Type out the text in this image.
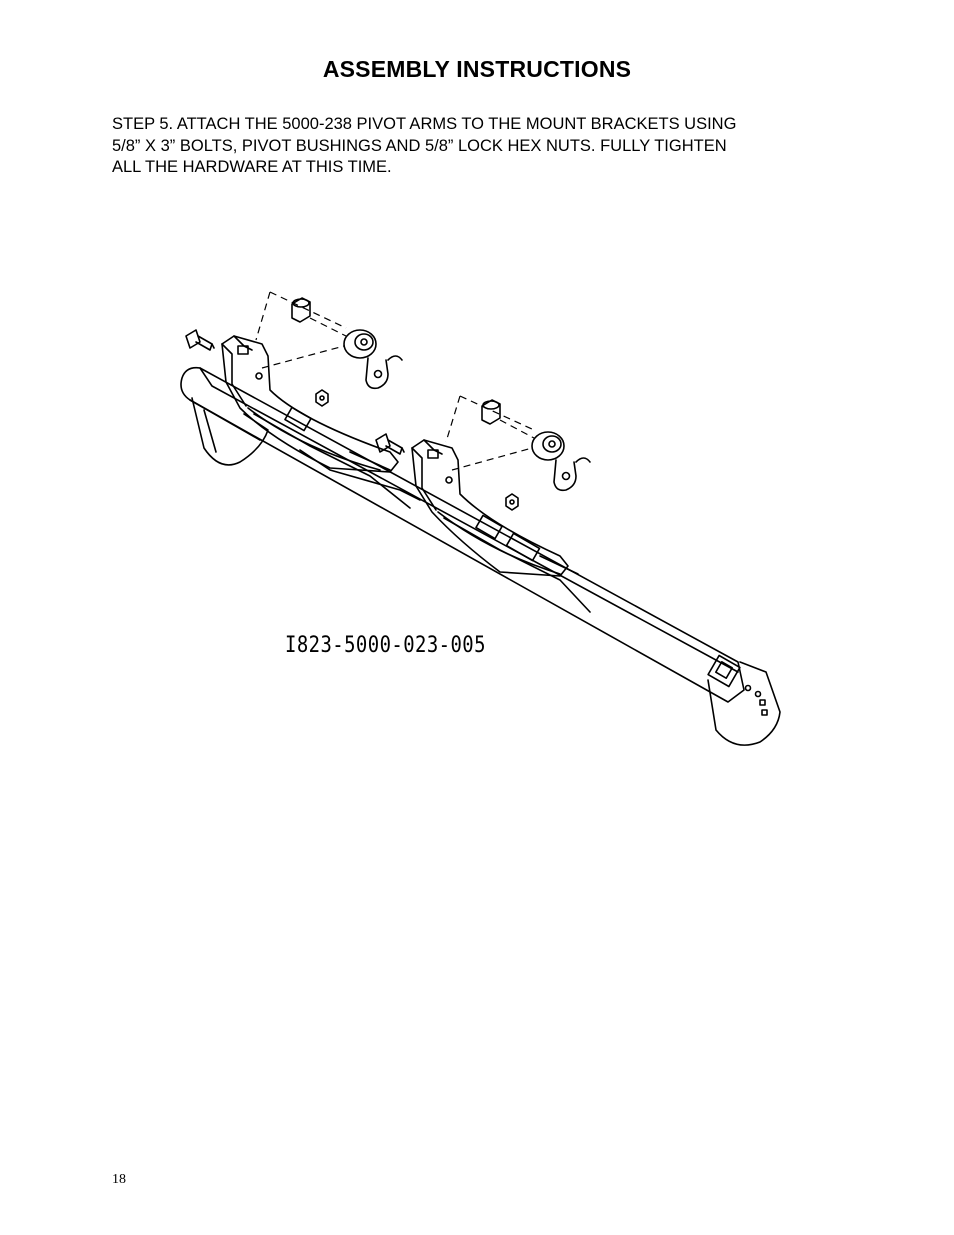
ASSEMBLY INSTRUCTIONS
STEP 5. ATTACH THE 5000-238 PIVOT ARMS TO THE MOUNT BRACKETS USING
5/8” X 3” BOLTS, PIVOT BUSHINGS AND 5/8” LOCK HEX NUTS. FULLY TIGHTEN
ALL THE HARDWARE AT THIS TIME.
I823-5000-023-005
18
